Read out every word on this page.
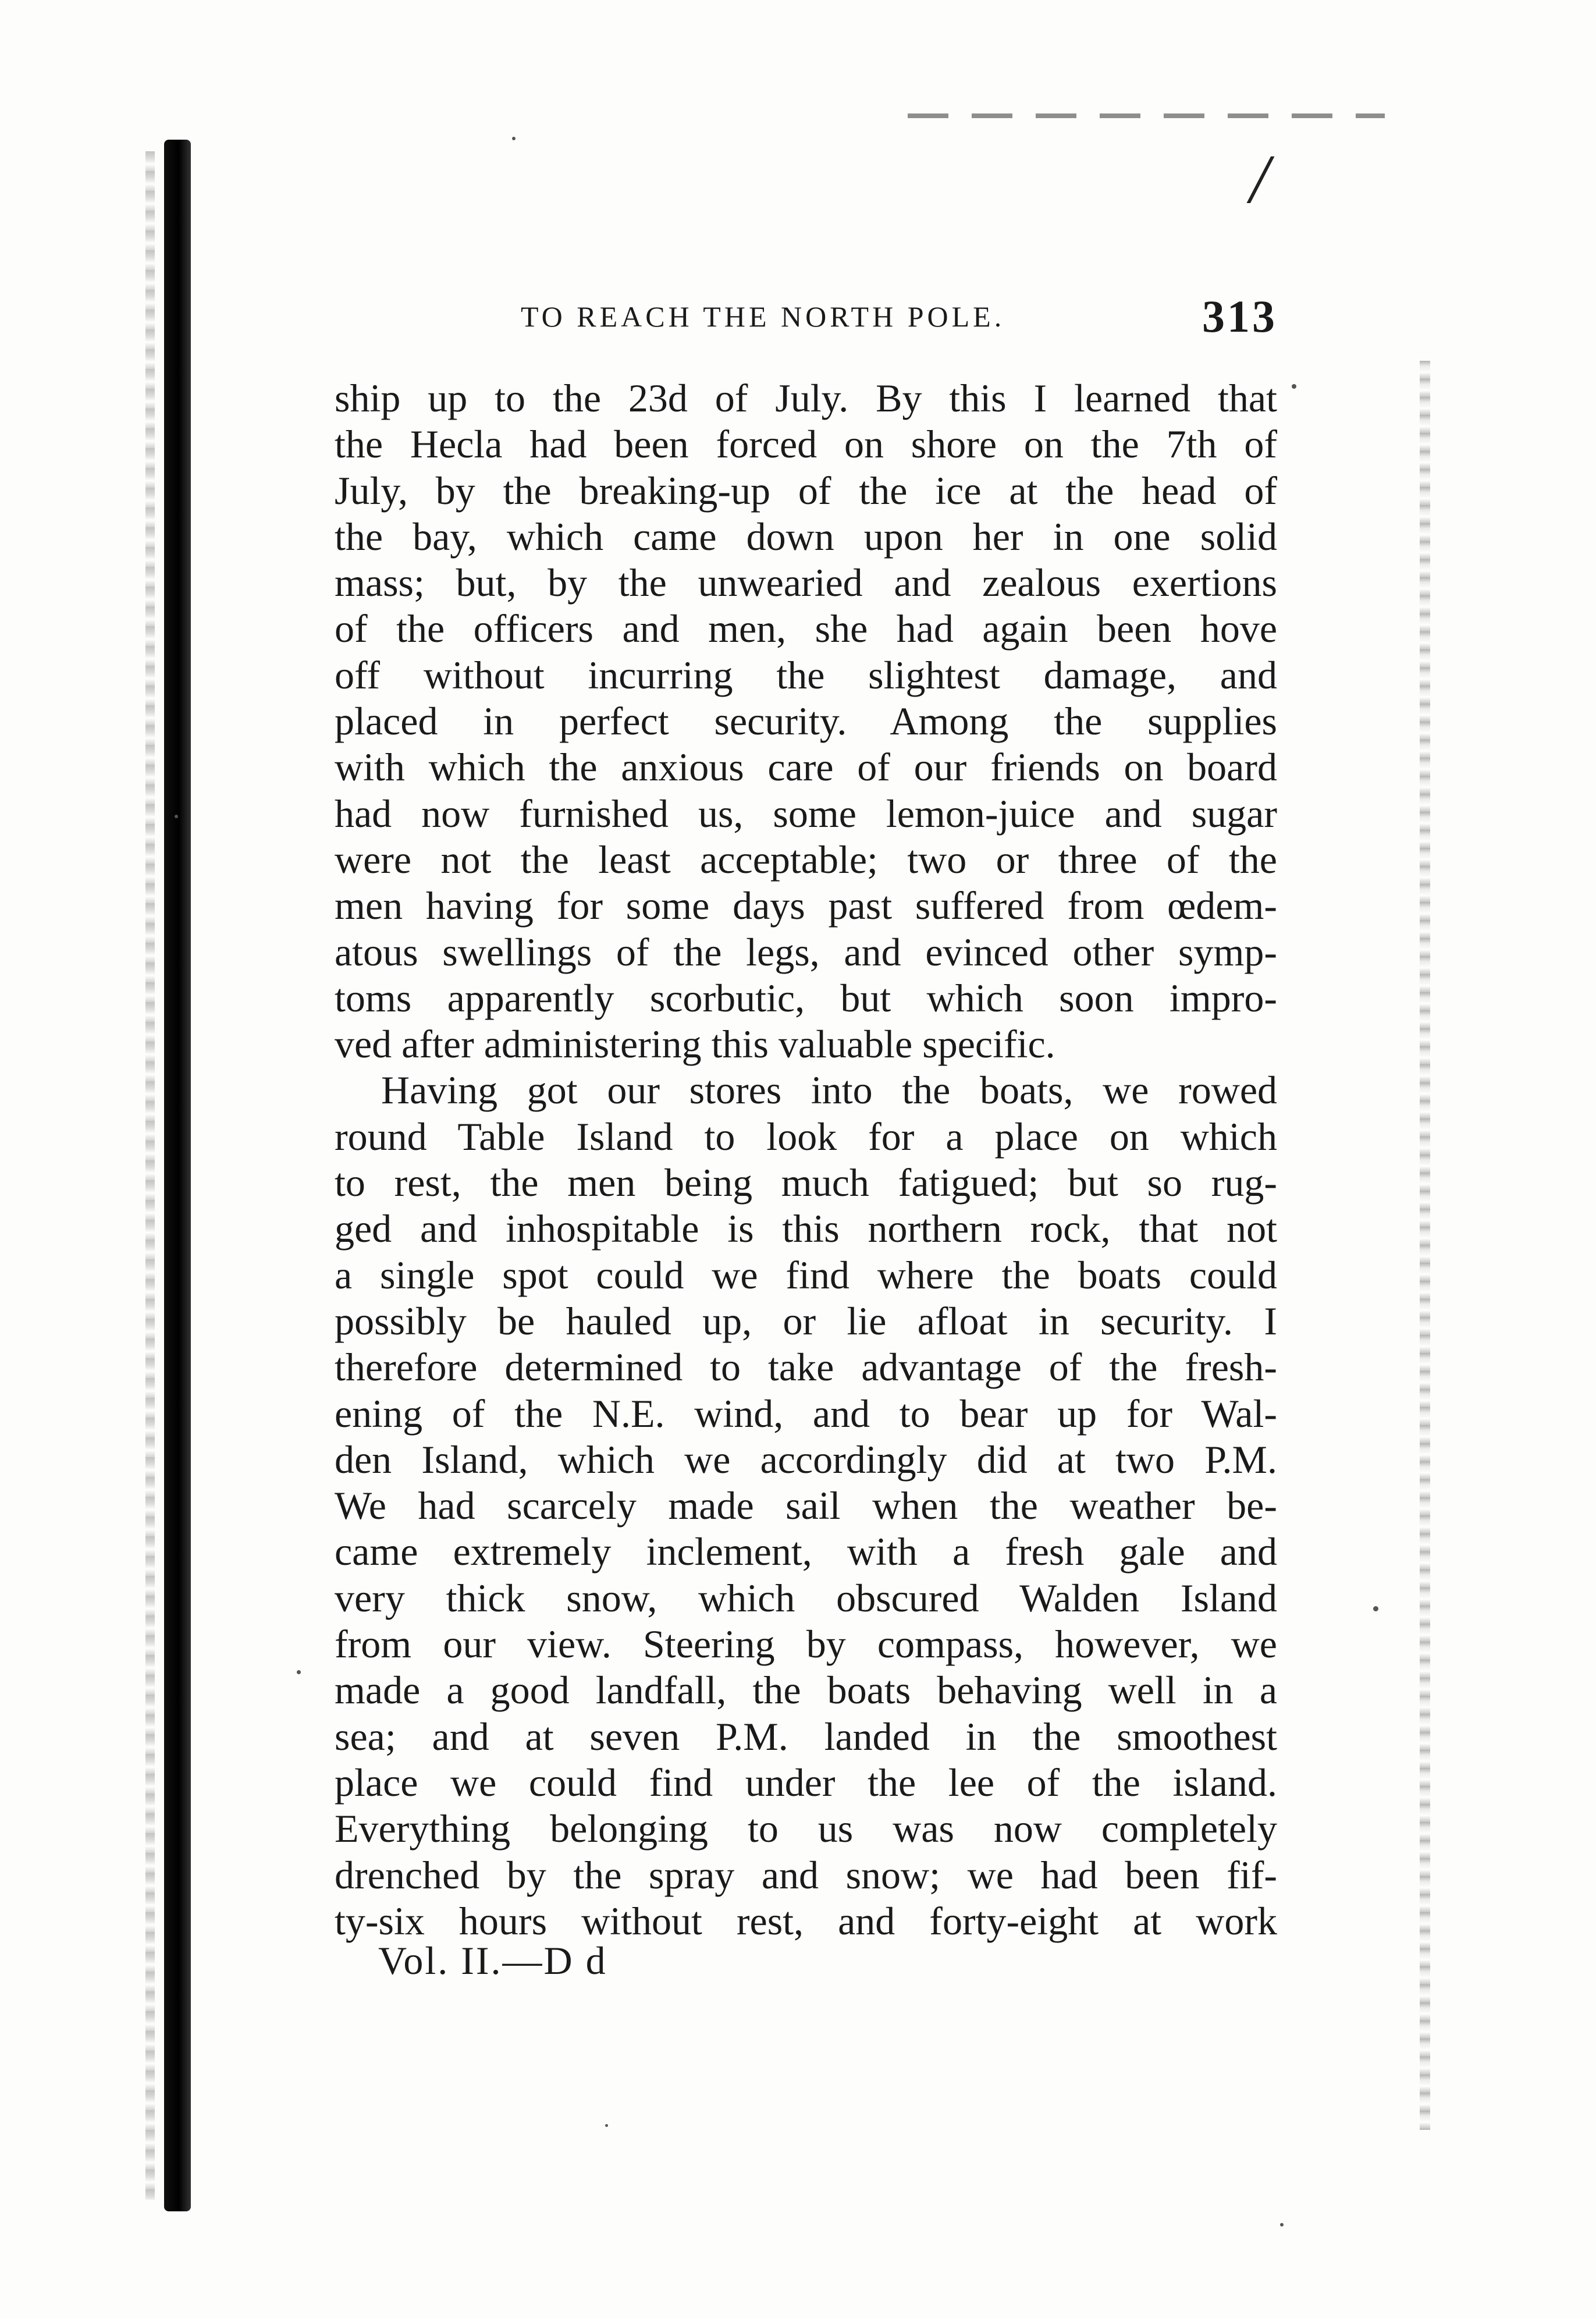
/
TO REACH THE NORTH POLE.	313
ship up to the 23d of July. By this I learned that
the Hecla had been forced on shore on the 7th of
July, by the breaking-up of the ice at the head of
the bay, which came down upon her in one solid
mass; but, by the unwearied and zealous exertions
of the officers and men, she had again been hove
off without incurring the slightest damage, and
placed in perfect security. Among the supplies
with which the anxious care of our friends on board
had now furnished us, some lemon-juice and sugar
were not the least acceptable; two or three of the
men having for some days past suffered from œdem-
atous swellings of the legs, and evinced other symp-
toms apparently scorbutic, but which soon impro-
ved after administering this valuable specific.
Having got our stores into the boats, we rowed
round Table Island to look for a place on which
to rest, the men being much fatigued; but so rug-
ged and inhospitable is this northern rock, that not
a single spot could we find where the boats could
possibly be hauled up, or lie afloat in security. I
therefore determined to take advantage of the fresh-
ening of the N.E. wind, and to bear up for Wal-
den Island, which we accordingly did at two P.M.
We had scarcely made sail when the weather be-
came extremely inclement, with a fresh gale and
very thick snow, which obscured Walden Island
from our view. Steering by compass, however, we
made a good landfall, the boats behaving well in a
sea; and at seven P.M. landed in the smoothest
place we could find under the lee of the island.
Everything belonging to us was now completely
drenched by the spray and snow; we had been fif-
ty-six hours without rest, and forty-eight at work
Vol. II.—D d
